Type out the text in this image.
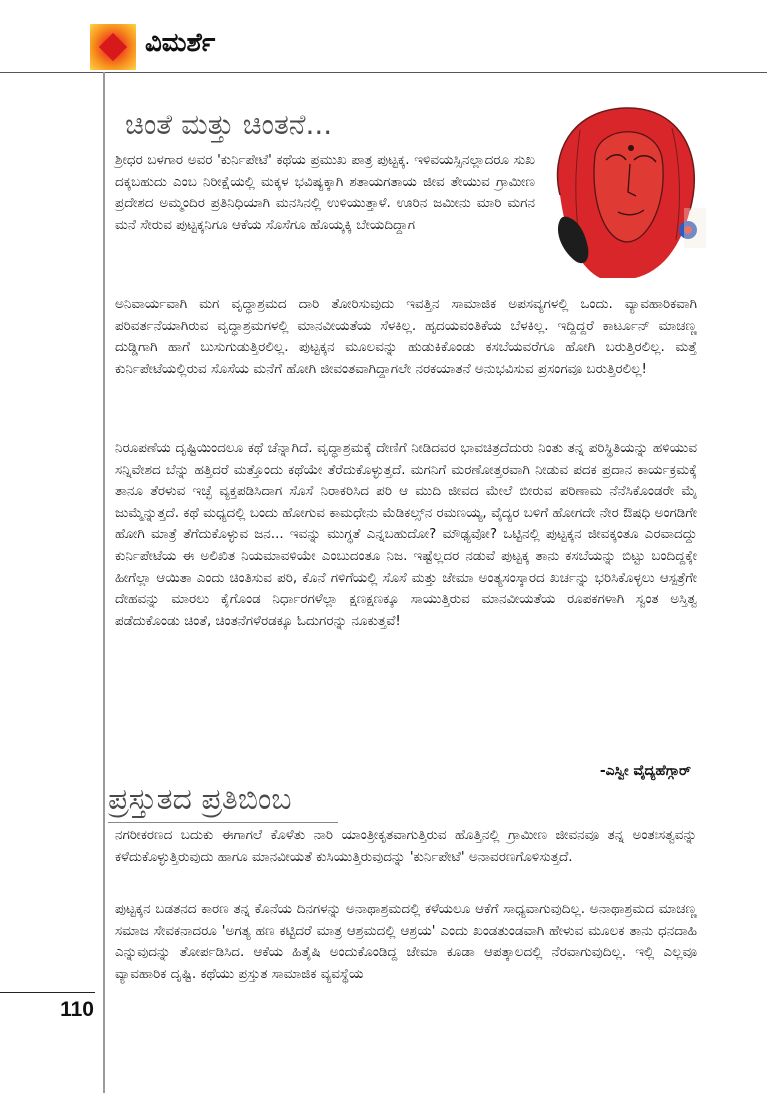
ವಿಮರ್ಶೆ
ಚಿಂತೆ ಮತ್ತು ಚಿಂತನೆ...

ಶ್ರೀಧರ ಬಳಗಾರ ಅವರ 'ಕುರ್ನಿಪೇಟೆ' ಕಥೆಯ ಪ್ರಮುಖ ಪಾತ್ರ ಪುಟ್ಟಕ್ಕ. ಇಳಿವಯಸ್ಸಿನಲ್ಲಾದರೂ ಸುಖ ದಕ್ಕಬಹುದು ಎಂಬ ನಿರೀಕ್ಷೆಯಲ್ಲಿ ಮಕ್ಕಳ ಭವಿಷ್ಯಕ್ಕಾಗಿ ಶತಾಯಗತಾಯ ಜೀವ ತೇಯುವ ಗ್ರಾಮೀಣ ಪ್ರದೇಶದ ಅಮ್ಮಂದಿರ ಪ್ರತಿನಿಧಿಯಾಗಿ ಮನಸಿನಲ್ಲಿ ಉಳಿಯುತ್ತಾಳೆ. ಊರಿನ ಜಮೀನು ಮಾರಿ ಮಗನ ಮನೆ ಸೇರುವ ಪುಟ್ಟಕ್ಕನಿಗೂ ಆಕೆಯ ಸೊಸೆಗೂ ಹೊಯ್ಕಕ್ಕಿ ಬೇಯದಿದ್ದಾಗ

ಅನಿವಾರ್ಯವಾಗಿ ಮಗ ವೃದ್ಧಾಶ್ರಮದ ದಾರಿ ತೋರಿಸುವುದು ಇವತ್ತಿನ ಸಾಮಾಜಿಕ ಅಪಸವ್ಯಗಳಲ್ಲಿ ಒಂದು. ವ್ಯಾವಹಾರಿಕವಾಗಿ ಪರಿವರ್ತನೆಯಾಗಿರುವ ವೃದ್ಧಾಶ್ರಮಗಳಲ್ಲಿ ಮಾನವೀಯತೆಯ ಸೆಳಕಿಲ್ಲ. ಹೃದಯವಂತಿಕೆಯ ಬೆಳಕಿಲ್ಲ. ಇದ್ದಿದ್ದರೆ ಕಾರ್ಟೂನ್ ಮಾಚಣ್ಣ ದುಡ್ಡಿಗಾಗಿ ಹಾಗೆ ಬುಸುಗುಡುತ್ತಿರಲಿಲ್ಲ. ಪುಟ್ಟಕ್ಕನ ಮೂಲವನ್ನು ಹುಡುಕಿಕೊಂಡು ಕಸಬೆಯವರೆಗೂ ಹೋಗಿ ಬರುತ್ತಿರಲಿಲ್ಲ. ಮತ್ತೆ ಕುರ್ನಿಪೇಟೆಯಲ್ಲಿರುವ ಸೊಸೆಯ ಮನೆಗೆ ಹೋಗಿ ಜೀವಂತವಾಗಿದ್ದಾಗಲೇ ನರಕಯಾತನೆ ಅನುಭವಿಸುವ ಪ್ರಸಂಗವೂ ಬರುತ್ತಿರಲಿಲ್ಲ!

ನಿರೂಪಣೆಯ ದೃಷ್ಟಿಯಿಂದಲೂ ಕಥೆ ಚೆನ್ನಾಗಿದೆ. ವೃದ್ಧಾಶ್ರಮಕ್ಕೆ ದೇಣಿಗೆ ನೀಡಿದವರ ಭಾವಚಿತ್ರದೆದುರು ನಿಂತು ತನ್ನ ಪರಿಸ್ಥಿತಿಯನ್ನು ಹಳಿಯುವ ಸನ್ನಿವೇಶದ ಬೆನ್ನು ಹತ್ತಿದರೆ ಮತ್ತೊಂದು ಕಥೆಯೇ ತೆರೆದುಕೊಳ್ಳುತ್ತದೆ. ಮಗನಿಗೆ ಮರಣೋತ್ತರವಾಗಿ ನೀಡುವ ಪದಕ ಪ್ರದಾನ ಕಾರ್ಯಕ್ರಮಕ್ಕೆ ತಾನೂ ತೆರಳುವ ಇಚ್ಛೆ ವ್ಯಕ್ತಪಡಿಸಿದಾಗ ಸೊಸೆ ನಿರಾಕರಿಸಿದ ಪರಿ ಆ ಮುದಿ ಜೀವದ ಮೇಲೆ ಬೀರುವ ಪರಿಣಾಮ ನೆನೆಸಿಕೊಂಡರೇ ಮೈ ಜುಮ್ಮೆನ್ನುತ್ತದೆ. ಕಥೆ ಮಧ್ಯದಲ್ಲಿ ಬಂದು ಹೋಗುವ ಕಾಮಧೇನು ಮೆಡಿಕಲ್ಸ್‌ನ ರಮಣಯ್ಯ, ವೈದ್ಯರ ಬಳಿಗೆ ಹೋಗದೇ ನೇರ ಔಷಧಿ ಅಂಗಡಿಗೇ ಹೋಗಿ ಮಾತ್ರೆ ತೆಗೆದುಕೊಳ್ಳುವ ಜನ... ಇವನ್ನು ಮುಗ್ಧತೆ ಎನ್ನಬಹುದೋ? ಮೌಢ್ಯವೋ? ಒಟ್ಟಿನಲ್ಲಿ ಪುಟ್ಟಕ್ಕನ ಜೀವಕ್ಕಂತೂ ಎರವಾದದ್ದು ಕುರ್ನಿಪೇಟೆಯ ಈ ಅಲಿಖಿತ ನಿಯಮಾವಳಿಯೇ ಎಂಬುದಂತೂ ನಿಜ. ಇಷ್ಟೆಲ್ಲದರ ನಡುವೆ ಪುಟ್ಟಕ್ಕ ತಾನು ಕಸಬೆಯನ್ನು ಬಿಟ್ಟು ಬಂದಿದ್ದಕ್ಕೇ ಹೀಗೆಲ್ಲಾ ಆಯಿತಾ ಎಂದು ಚಿಂತಿಸುವ ಪರಿ, ಕೊನೆ ಗಳಿಗೆಯಲ್ಲಿ ಸೊಸೆ ಮತ್ತು ಜೇಮಾ ಅಂತ್ಯಸಂಸ್ಕಾರದ ಖರ್ಚನ್ನು ಭರಿಸಿಕೊಳ್ಳಲು ಆಸ್ಪತ್ರೆಗೇ ದೇಹವನ್ನು ಮಾರಲು ಕೈಗೊಂಡ ನಿರ್ಧಾರಗಳೆಲ್ಲಾ ಕ್ಷಣಕ್ಷಣಕ್ಕೂ ಸಾಯುತ್ತಿರುವ ಮಾನವೀಯತೆಯ ರೂಪಕಗಳಾಗಿ ಸ್ವಂತ ಅಸ್ತಿತ್ವ ಪಡೆದುಕೊಂಡು ಚಿಂತೆ, ಚಿಂತನೆಗಳೆರಡಕ್ಕೂ ಓದುಗರನ್ನು ನೂಕುತ್ತವೆ!

-ಎಸ್ವೀ ವೈದ್ಯಹೆಗ್ಗಾರ್
ಪ್ರಸ್ತುತದ ಪ್ರತಿಬಿಂಬ

ನಗರೀಕರಣದ ಬದುಕು ಈಗಾಗಲೆ ಕೊಳೆತು ನಾರಿ ಯಾಂತ್ರೀಕೃತವಾಗುತ್ತಿರುವ ಹೊತ್ತಿನಲ್ಲಿ ಗ್ರಾಮೀಣ ಜೀವನವೂ ತನ್ನ ಅಂತಃಸತ್ವವನ್ನು ಕಳೆದುಕೊಳ್ಳುತ್ತಿರುವುದು ಹಾಗೂ ಮಾನವೀಯತೆ ಕುಸಿಯುತ್ತಿರುವುದನ್ನು 'ಕುರ್ನಿಪೇಟೆ' ಅನಾವರಣಗೊಳಿಸುತ್ತದೆ.

ಪುಟ್ಟಕ್ಕನ ಬಡತನದ ಕಾರಣ ತನ್ನ ಕೊನೆಯ ದಿನಗಳನ್ನು ಅನಾಥಾಶ್ರಮದಲ್ಲಿ ಕಳೆಯಲೂ ಆಕೆಗೆ ಸಾಧ್ಯವಾಗುವುದಿಲ್ಲ. ಅನಾಥಾಶ್ರಮದ ಮಾಚಣ್ಣ ಸಮಾಜ ಸೇವಕನಾದರೂ 'ಅಗತ್ಯ ಹಣ ಕಟ್ಟಿದರೆ ಮಾತ್ರ ಆಶ್ರಮದಲ್ಲಿ ಆಶ್ರಯ' ಎಂದು ಖಂಡತುಂಡವಾಗಿ ಹೇಳುವ ಮೂಲಕ ತಾನು ಧನದಾಹಿ ಎನ್ನುವುದನ್ನು ತೋರ್ಪಡಿಸಿದ. ಆಕೆಯ ಹಿತೈಷಿ ಅಂದುಕೊಂಡಿದ್ದ ಜೇಮಾ ಕೂಡಾ ಆಪತ್ಕಾಲದಲ್ಲಿ ನೆರವಾಗುವುದಿಲ್ಲ. ಇಲ್ಲಿ ಎಲ್ಲವೂ ವ್ಯಾವಹಾರಿಕ ದೃಷ್ಟಿ. ಕಥೆಯು ಪ್ರಸ್ತುತ ಸಾಮಾಜಿಕ ವ್ಯವಸ್ಥೆಯ

110
